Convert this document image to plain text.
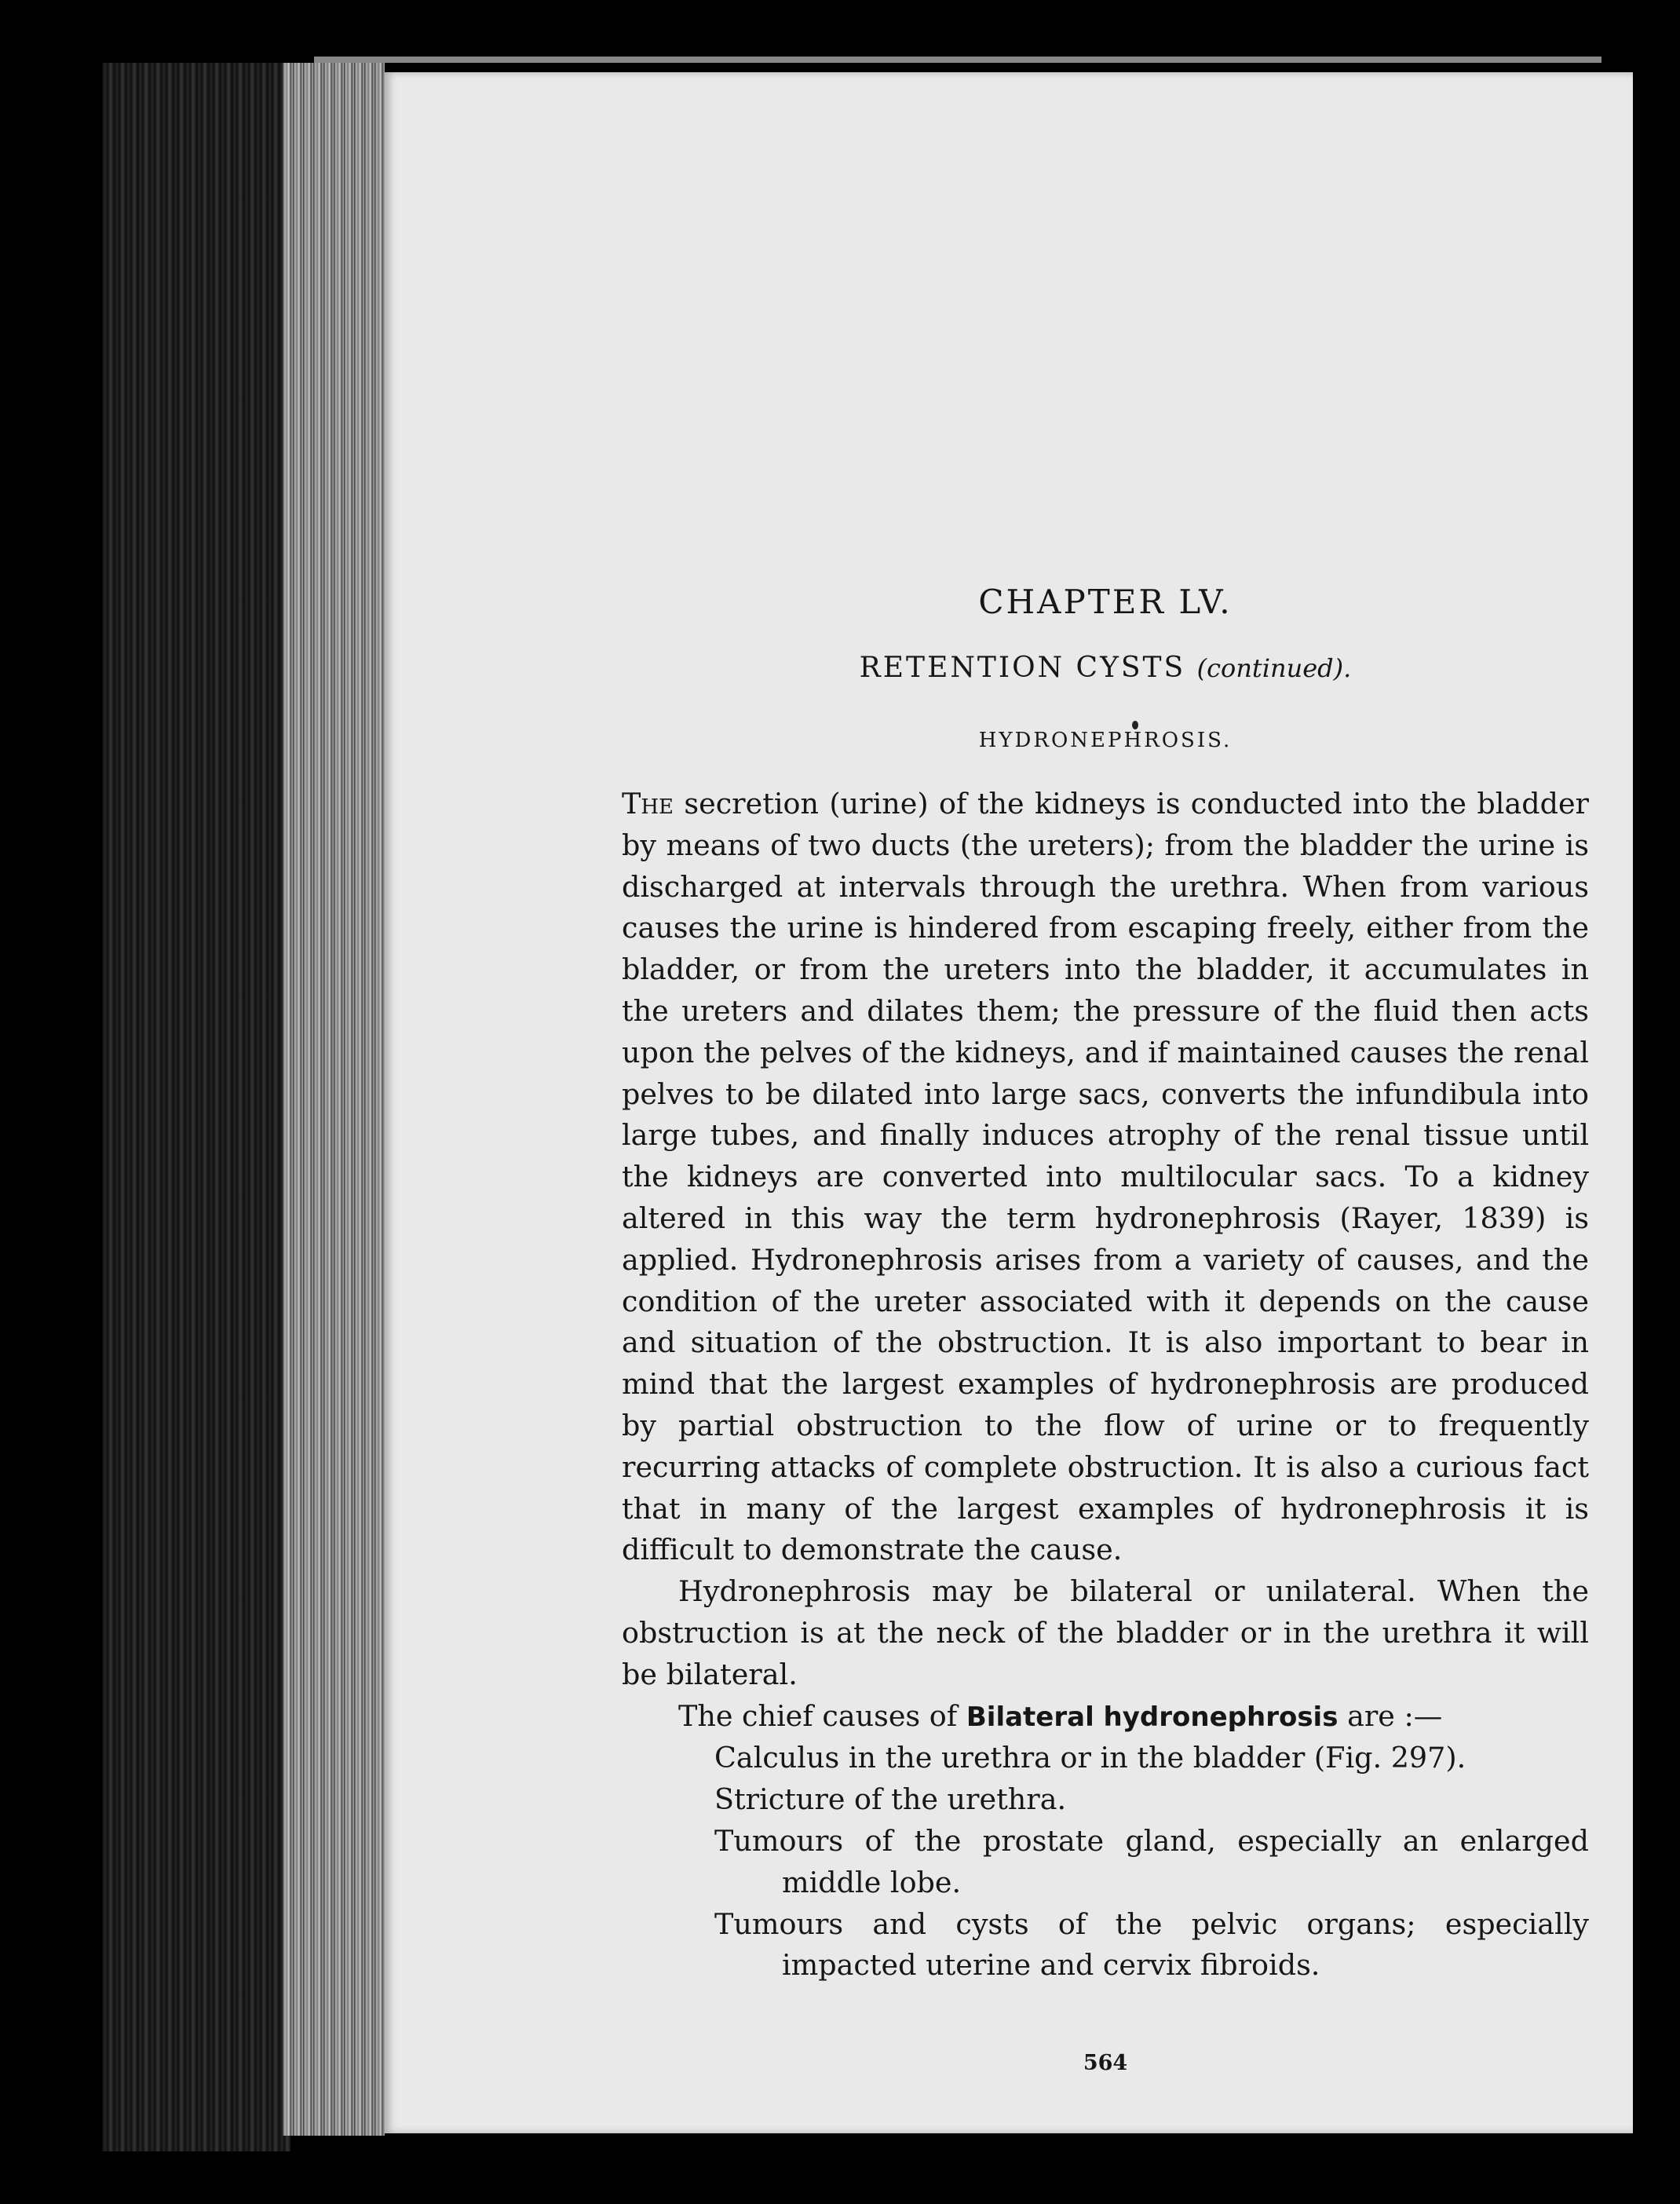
CHAPTER LV.
RETENTION CYSTS (continued).
HYDRONEPHROSIS.

The secretion (urine) of the kidneys is conducted into the bladder by means of two ducts (the ureters); from the bladder the urine is discharged at intervals through the urethra. When from various causes the urine is hindered from escaping freely, either from the bladder, or from the ureters into the bladder, it accumulates in the ureters and dilates them; the pressure of the fluid then acts upon the pelves of the kidneys, and if maintained causes the renal pelves to be dilated into large sacs, converts the infundibula into large tubes, and finally induces atrophy of the renal tissue until the kidneys are converted into multilocular sacs. To a kidney altered in this way the term hydronephrosis (Rayer, 1839) is applied. Hydronephrosis arises from a variety of causes, and the condition of the ureter associated with it depends on the cause and situation of the obstruction. It is also important to bear in mind that the largest examples of hydronephrosis are produced by partial obstruction to the flow of urine or to frequently recurring attacks of complete obstruction. It is also a curious fact that in many of the largest examples of hydronephrosis it is difficult to demonstrate the cause.

Hydronephrosis may be bilateral or unilateral. When the obstruction is at the neck of the bladder or in the urethra it will be bilateral.

The chief causes of Bilateral hydronephrosis are :—

Calculus in the urethra or in the bladder (Fig. 297).
Stricture of the urethra.
Tumours of the prostate gland, especially an enlarged middle lobe.
Tumours and cysts of the pelvic organs; especially impacted uterine and cervix fibroids.
564
